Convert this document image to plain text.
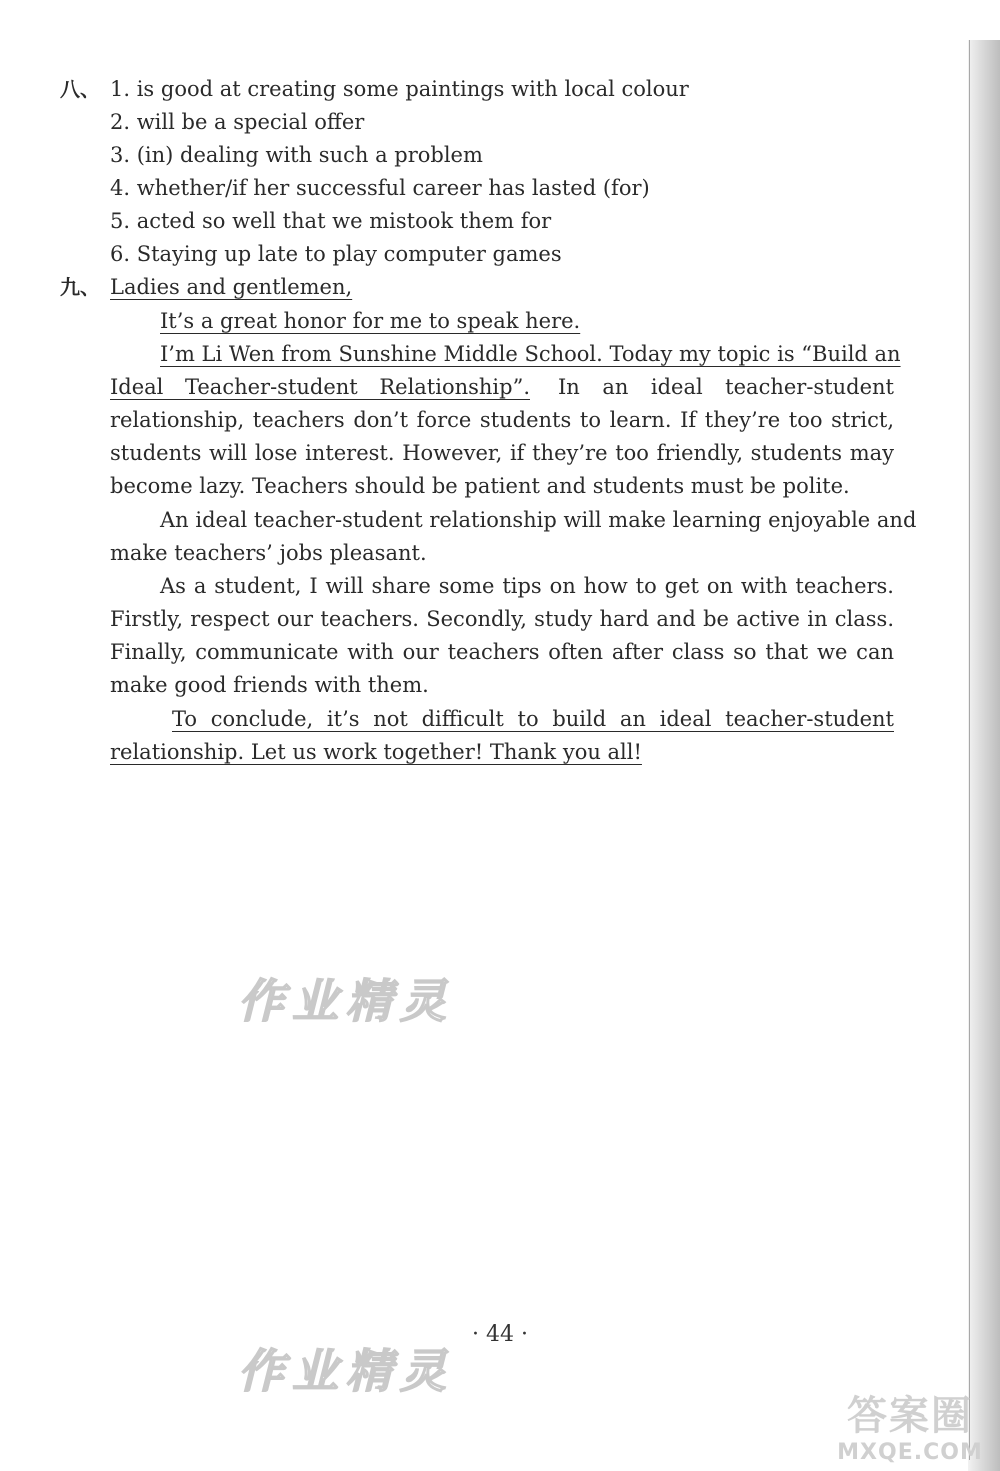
八、 1. is good at creating some paintings with local colour
2. will be a special offer
3. (in) dealing with such a problem
4. whether/if her successful career has lasted (for)
5. acted so well that we mistook them for
6. Staying up late to play computer games
九、 Ladies and gentlemen,
It’s a great honor for me to speak here.
I’m Li Wen from Sunshine Middle School. Today my topic is “Build an
Ideal Teacher-student Relationship”. In an ideal teacher-student
relationship, teachers don’t force students to learn. If they’re too strict,
students will lose interest. However, if they’re too friendly, students may
become lazy. Teachers should be patient and students must be polite.
An ideal teacher-student relationship will make learning enjoyable and
make teachers’ jobs pleasant.
As a student, I will share some tips on how to get on with teachers.
Firstly, respect our teachers. Secondly, study hard and be active in class.
Finally, communicate with our teachers often after class so that we can
make good friends with them.
To conclude, it’s not difficult to build an ideal teacher-student
relationship. Let us work together! Thank you all!
作业精灵
作业精灵
· 44 ·
答案圈
MXQE.COM
